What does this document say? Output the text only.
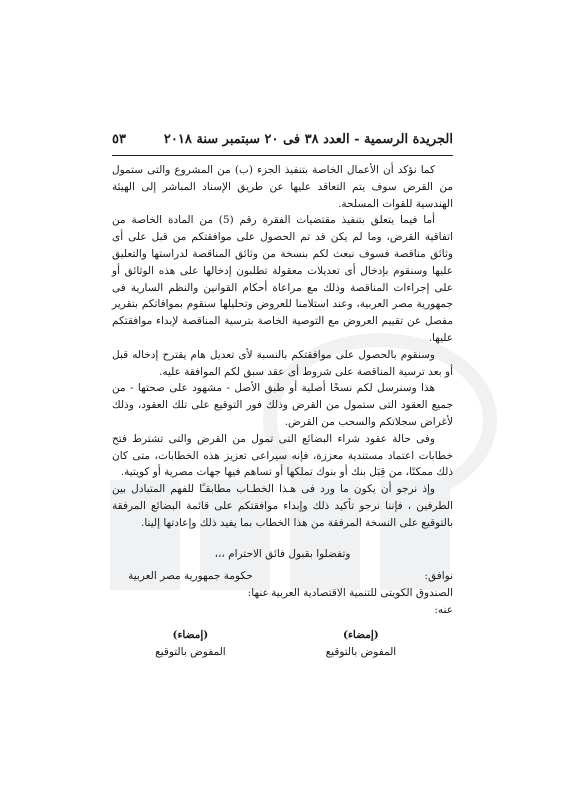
الجريدة الرسمية - العدد ٣٨ فى ٢٠ سبتمبر سنة ٢٠١٨
٥٣

كما نؤكد أن الأعمال الخاصة بتنفيذ الجزء (ب) من المشروع والتى ستمول من القرض سوف يتم التعاقد عليها عن طريق الإسناد المباشر إلى الهيئة الهندسية للقوات المسلحة.

أما فيما يتعلق بتنفيذ مقتضيات الفقرة رقم (5) من المادة الخاصة من اتفاقية القرض، وما لم يكن قد تم الحصول على موافقتكم من قبل على أى وثائق مناقصة فسوف نبعث لكم بنسخة من وثائق المناقصة لدراستها والتعليق عليها وسنقوم بإدخال أى تعديلات معقولة تطلبون إدخالها على هذه الوثائق أو على إجراءات المناقصة وذلك مع مراعاة أحكام القوانين والنظم السارية فى جمهورية مصر العربية، وعند استلامنا للعروض وتحليلها سنقوم بموافاتكم بتقرير مفصل عن تقييم العروض مع التوصية الخاصة بترسية المناقصة لإبداء موافقتكم عليها.

وسنقوم بالحصول على موافقتكم بالنسبة لأى تعديل هام يقترح إدخاله قبل أو بعد ترسية المناقصة على شروط أى عقد سبق لكم الموافقة عليه.

هذا وسنرسل لكم نسخًا أصلية أو طبق الأصل - مشهود على صحتها - من جميع العقود التى ستمول من القرض وذلك فور التوقيع على تلك العقود، وذلك لأغراض سجلاتكم والسحب من القرض.

وفى حالة عقود شراء البضائع التى تمول من القرض والتى تشترط فتح خطابات اعتماد مستندية معززة، فإنه سيراعى تعزيز هذه الخطابات، متى كان ذلك ممكنًا، من قِبَل بنك أو بنوك تملكها أو تساهم فيها جهات مصرية أو كويتية.

وإذ نرجو أن يكون ما ورد فى هـذا الخطـاب مطابقـًا للفهم المتبادل بين الطرفين ، فإننا نرجو تأكيد ذلك وإبداء موافقتكم على قائمة البضائع المرفقة بالتوقيع على النسخة المرفقة من هذا الخطاب بما يفيد ذلك وإعادتها إلينا.

وتفضلوا بقبول فائق الاحترام ،،،
نوافق:
حكومة جمهورية مصر العربية
الصندوق الكويتى للتنمية الاقتصادية العربية
عنها:
عنه:
(إمضاء)
(إمضاء)
المفوض بالتوقيع
المفوض بالتوقيع
